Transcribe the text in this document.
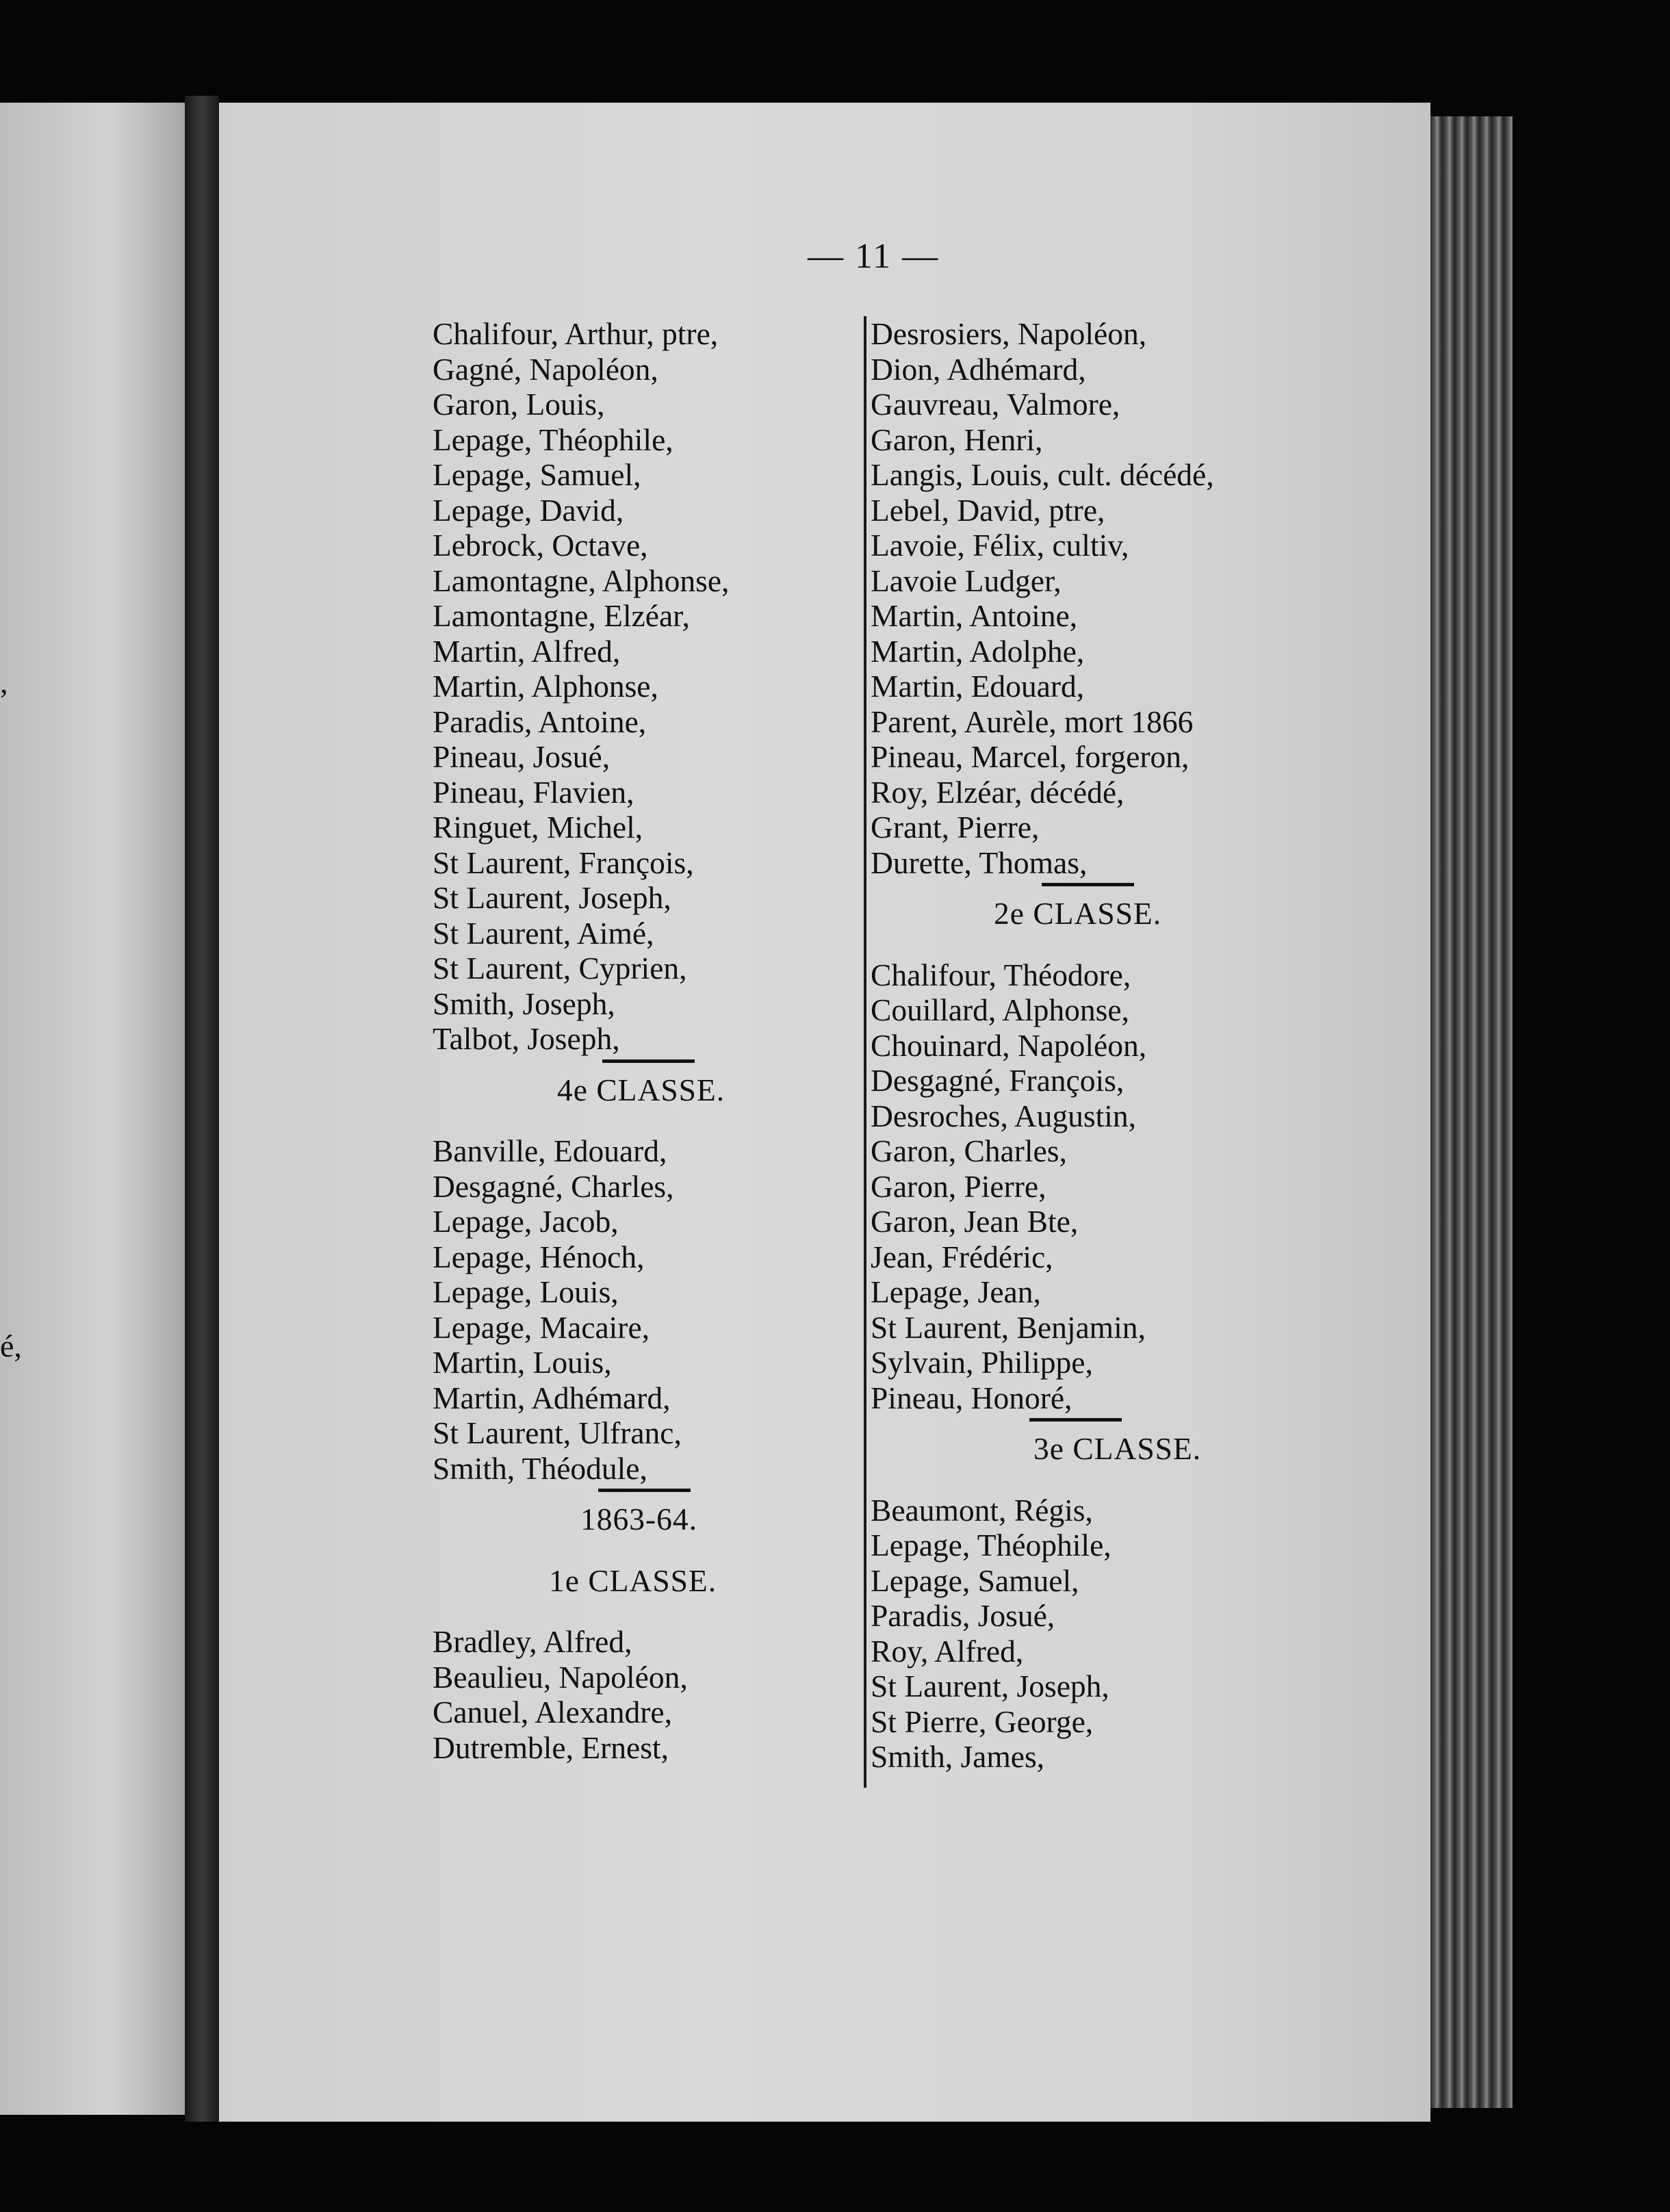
,
é,
— 11 —
Chalifour, Arthur, ptre,
Gagné, Napoléon,
Garon, Louis,
Lepage, Théophile,
Lepage, Samuel,
Lepage, David,
Lebrock, Octave,
Lamontagne, Alphonse,
Lamontagne, Elzéar,
Martin, Alfred,
Martin, Alphonse,
Paradis, Antoine,
Pineau, Josué,
Pineau, Flavien,
Ringuet, Michel,
St Laurent, François,
St Laurent, Joseph,
St Laurent, Aimé,
St Laurent, Cyprien,
Smith, Joseph,
Talbot, Joseph,
4e CLASSE.
Banville, Edouard,
Desgagné, Charles,
Lepage, Jacob,
Lepage, Hénoch,
Lepage, Louis,
Lepage, Macaire,
Martin, Louis,
Martin, Adhémard,
St Laurent, Ulfranc,
Smith, Théodule,
1863-64.
1e CLASSE.
Bradley, Alfred,
Beaulieu, Napoléon,
Canuel, Alexandre,
Dutremble, Ernest,
Desrosiers, Napoléon,
Dion, Adhémard,
Gauvreau, Valmore,
Garon, Henri,
Langis, Louis, cult. décédé,
Lebel, David, ptre,
Lavoie, Félix, cultiv,
Lavoie Ludger,
Martin, Antoine,
Martin, Adolphe,
Martin, Edouard,
Parent, Aurèle, mort 1866
Pineau, Marcel, forgeron,
Roy, Elzéar, décédé,
Grant, Pierre,
Durette, Thomas,
2e CLASSE.
Chalifour, Théodore,
Couillard, Alphonse,
Chouinard, Napoléon,
Desgagné, François,
Desroches, Augustin,
Garon, Charles,
Garon, Pierre,
Garon, Jean Bte,
Jean, Frédéric,
Lepage, Jean,
St Laurent, Benjamin,
Sylvain, Philippe,
Pineau, Honoré,
3e CLASSE.
Beaumont, Régis,
Lepage, Théophile,
Lepage, Samuel,
Paradis, Josué,
Roy, Alfred,
St Laurent, Joseph,
St Pierre, George,
Smith, James,
